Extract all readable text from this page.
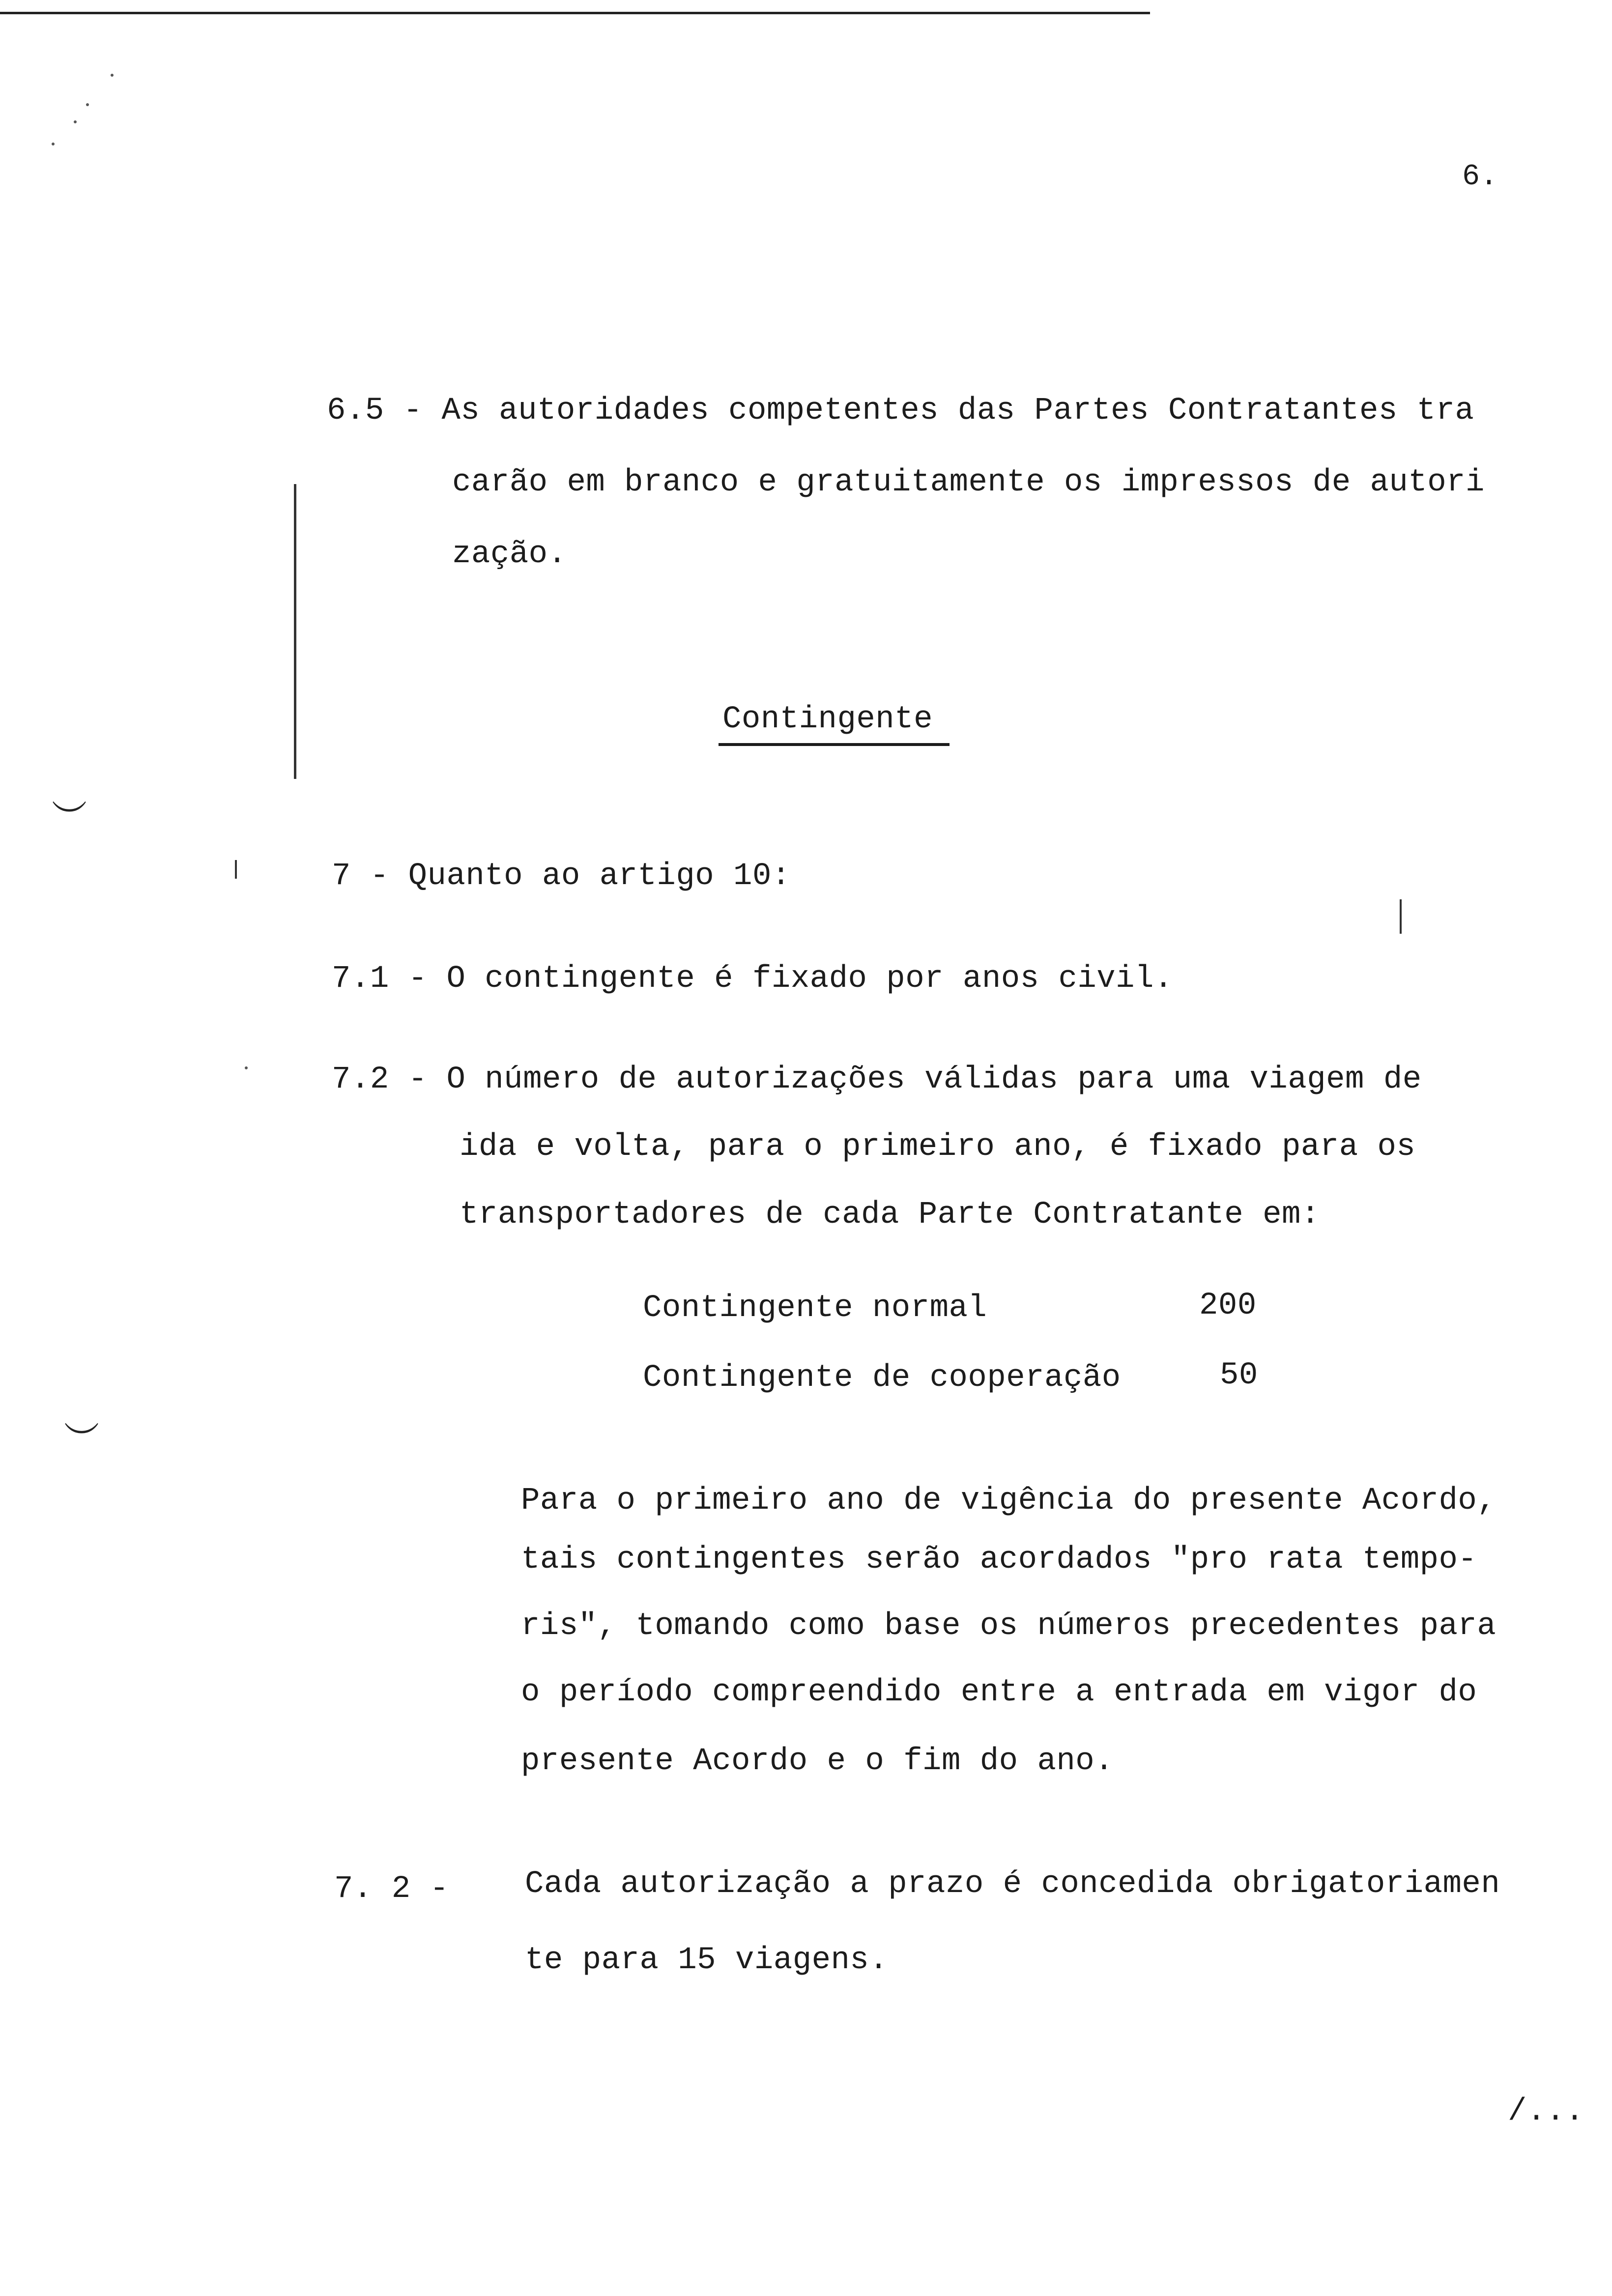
︶
︶
6.
6.5 - As autoridades competentes das Partes Contratantes tra
carão em branco e gratuitamente os impressos de autori
zação.
Contingente
7 - Quanto ao artigo 10:
7.1 - O contingente é fixado por anos civil.
7.2 - O número de autorizações válidas para uma viagem de
ida e volta, para o primeiro ano, é fixado para os
transportadores de cada Parte Contratante em:
Contingente normal	200
Contingente de cooperação	50
Para o primeiro ano de vigência do presente Acordo,
tais contingentes serão acordados "pro rata tempo-
ris", tomando como base os números precedentes para
o período compreendido entre a entrada em vigor do
presente Acordo e o fim do ano.
7. 2 - Cada autorização a prazo é concedida obrigatoriamen
te para 15 viagens.
/...
